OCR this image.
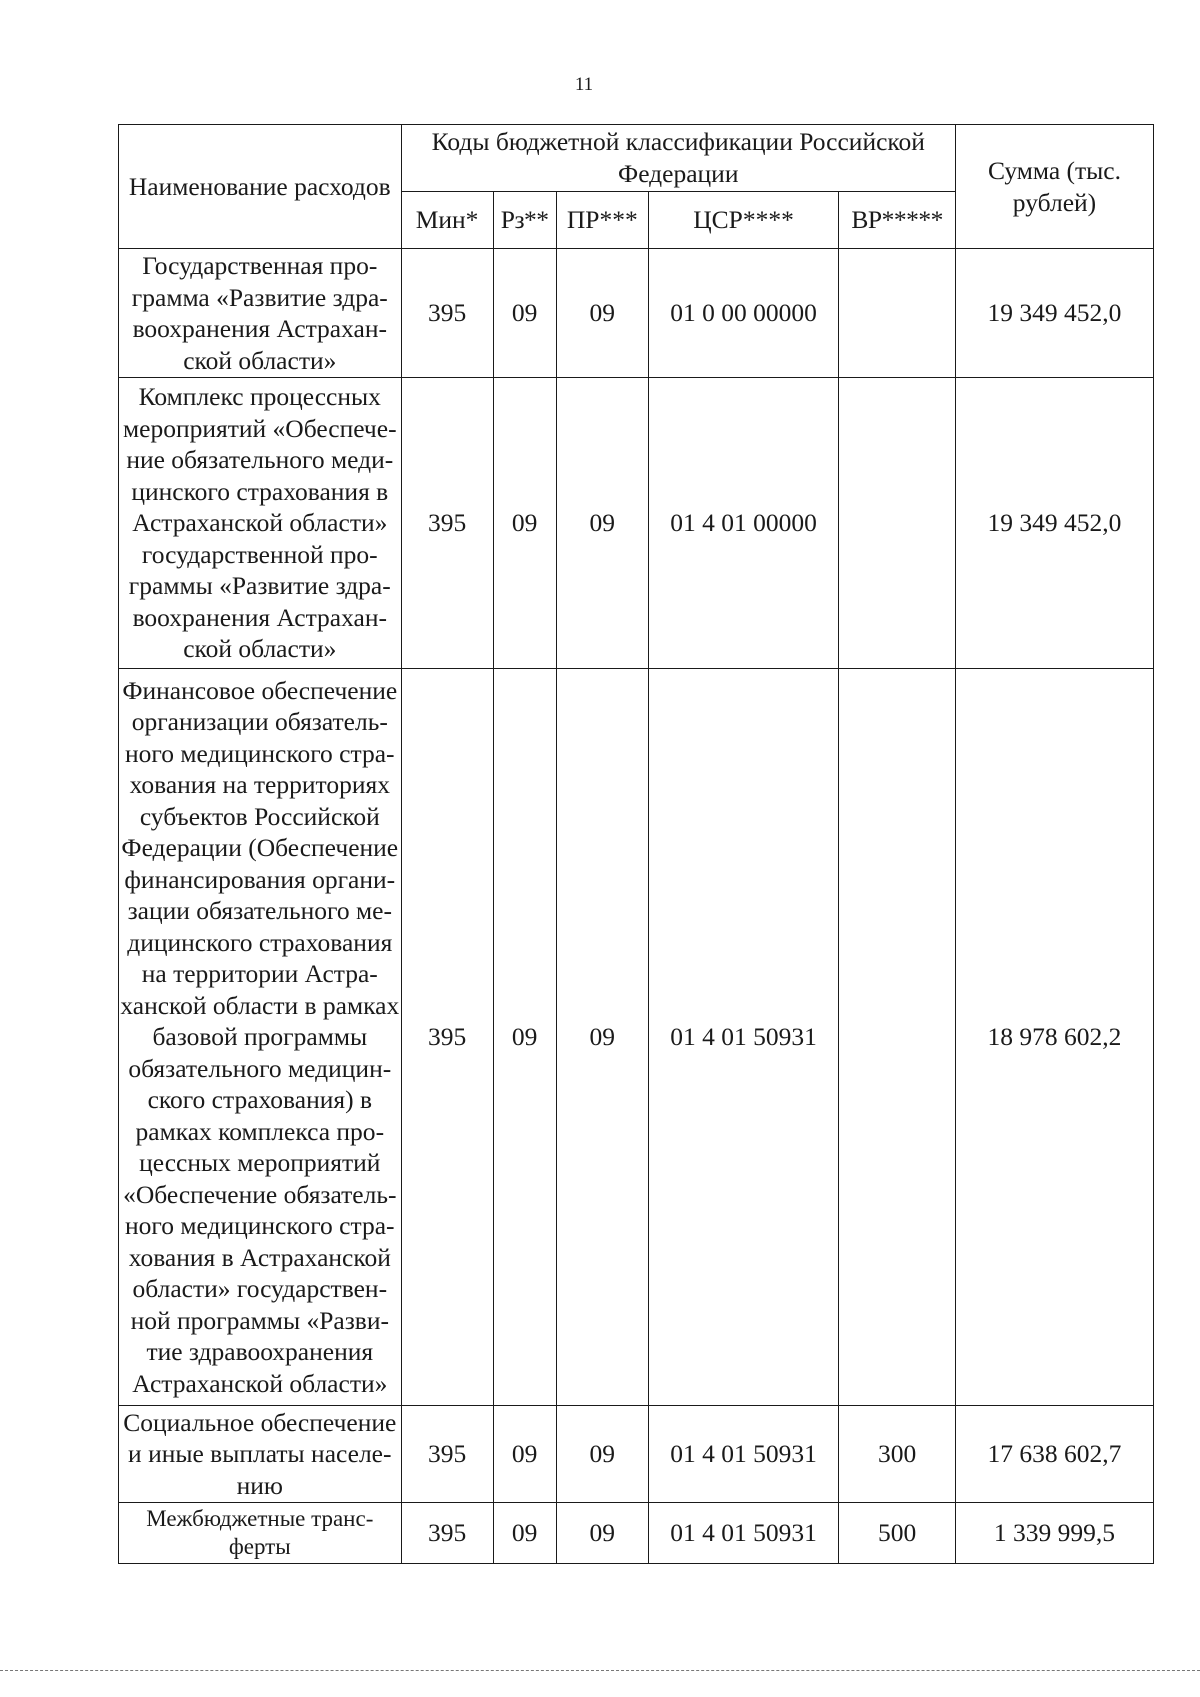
11
Наименование расходов	Коды бюджетной классификации Российской Федерации					Сумма (тыс. рублей)
	Мин*	Рз**	ПР***	ЦСР****	ВР*****	
Государственная программа «Развитие здравоохранения Астраханской области»	395	09	09	01 0 00 00000		19 349 452,0
Комплекс процессных мероприятий «Обеспечение обязательного медицинского страхования в Астраханской области» государственной программы «Развитие здравоохранения Астраханской области»	395	09	09	01 4 01 00000		19 349 452,0
Финансовое обеспечение организации обязательного медицинского страхования на территориях субъектов Российской Федерации (Обеспечение финансирования организации обязательного медицинского страхования на территории Астраханской области в рамках базовой программы обязательного медицинского страхования) в рамках комплекса процессных мероприятий «Обеспечение обязательного медицинского страхования в Астраханской области» государственной программы «Развитие здравоохранения Астраханской области»	395	09	09	01 4 01 50931		18 978 602,2
Социальное обеспечение и иные выплаты населению	395	09	09	01 4 01 50931	300	17 638 602,7
Межбюджетные трансферты	395	09	09	01 4 01 50931	500	1 339 999,5
